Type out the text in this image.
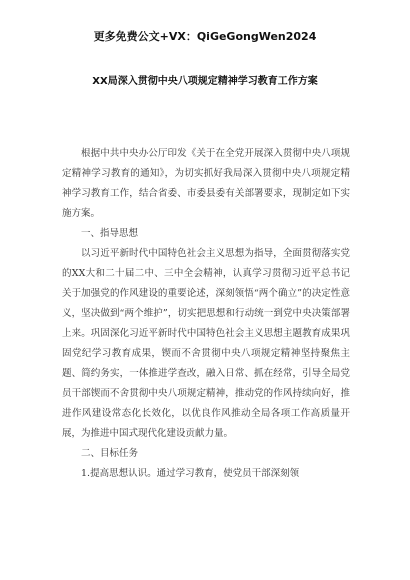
更多免费公文+VX：QiGeGongWen2024
XX局深入贯彻中央八项规定精神学习教育工作方案

根据中共中央办公厅印发《关于在全党开展深入贯彻中央八项规定精神学习教育的通知》，为切实抓好我局深入贯彻中央八项规定精神学习教育工作，结合省委、市委县委有关部署要求，现制定如下实施方案。

一、指导思想

以习近平新时代中国特色社会主义思想为指导，全面贯彻落实党的XX大和二十届二中、三中全会精神，认真学习贯彻习近平总书记关于加强党的作风建设的重要论述，深刻领悟“两个确立”的决定性意义，坚决做到“两个维护”，切实把思想和行动统一到党中央决策部署上来。巩固深化习近平新时代中国特色社会主义思想主题教育成果巩固党纪学习教育成果，锲而不舍贯彻中央八项规定精神坚持聚焦主题、简约务实，一体推进学查改，融入日常、抓在经常，引导全局党员干部锲而不舍贯彻中央八项规定精神，推动党的作风持续向好，推进作风建设常态化长效化，以优良作风推动全局各项工作高质量开展，为推进中国式现代化建设贡献力量。

二、目标任务

1.提高思想认识。通过学习教育，使党员干部深刻领
